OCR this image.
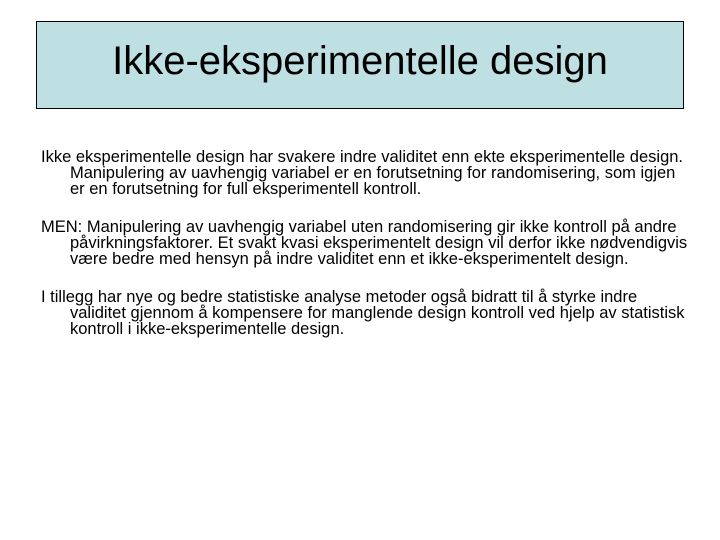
Ikke-eksperimentelle design

Ikke eksperimentelle design har svakere indre validitet enn ekte eksperimentelle design. Manipulering av uavhengig variabel er en forutsetning for randomisering, som igjen er en forutsetning for full eksperimentell kontroll.

MEN: Manipulering av uavhengig variabel uten randomisering gir ikke kontroll på andre påvirkningsfaktorer. Et svakt kvasi eksperimentelt design vil derfor ikke nødvendigvis være bedre med hensyn på indre validitet enn et ikke-eksperimentelt design.

I tillegg har nye og bedre statistiske analyse metoder også bidratt til å styrke indre validitet gjennom å kompensere for manglende design kontroll ved hjelp av statistisk kontroll i ikke-eksperimentelle design.
